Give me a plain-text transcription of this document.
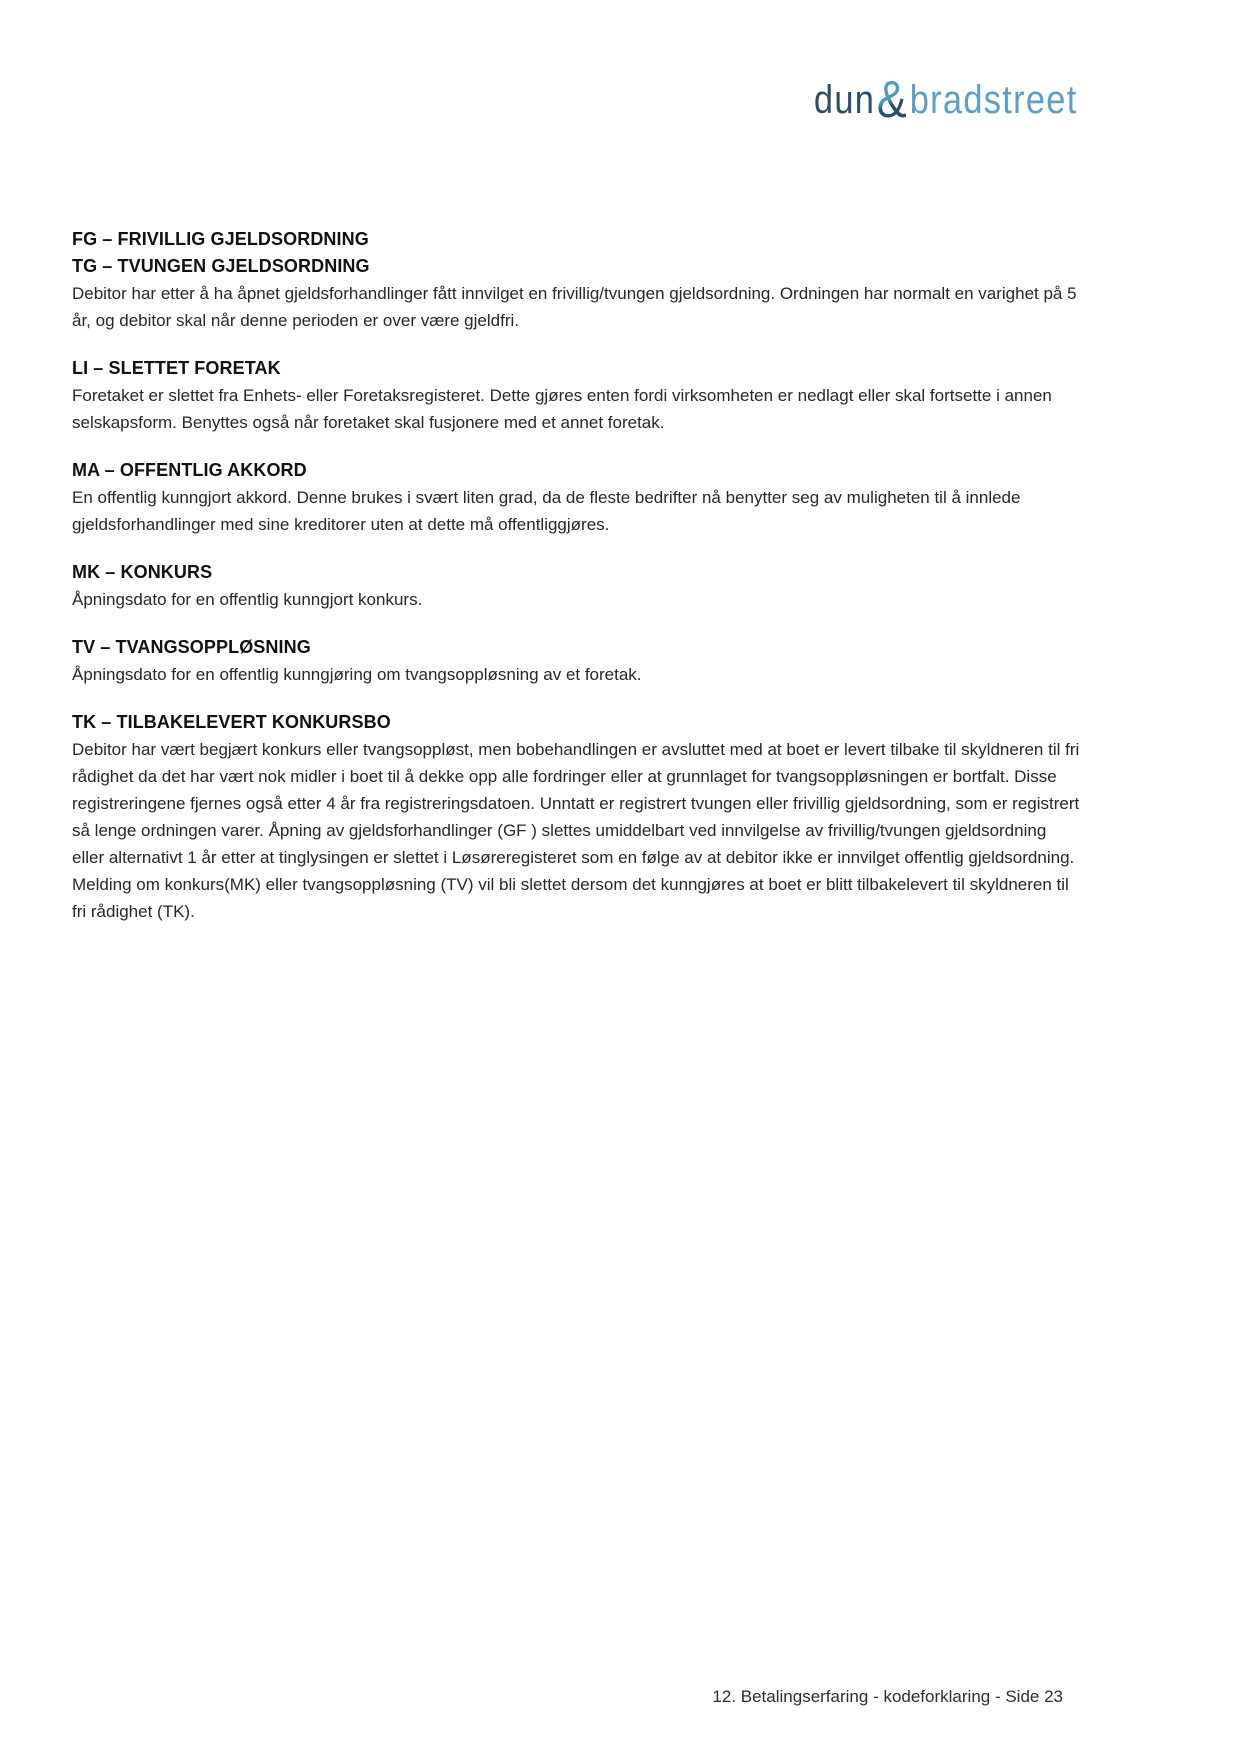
dun&bradstreet
FG – FRIVILLIG GJELDSORDNING
TG – TVUNGEN GJELDSORDNING

Debitor har etter å ha åpnet gjeldsforhandlinger fått innvilget en frivillig/tvungen gjeldsordning. Ordningen har normalt en varighet på 5 år, og debitor skal når denne perioden er over være gjeldfri.

LI – SLETTET FORETAK

Foretaket er slettet fra Enhets- eller Foretaksregisteret. Dette gjøres enten fordi virksomheten er nedlagt eller skal fortsette i annen selskapsform. Benyttes også når foretaket skal fusjonere med et annet foretak.

MA – OFFENTLIG AKKORD

En offentlig kunngjort akkord. Denne brukes i svært liten grad, da de fleste bedrifter nå benytter seg av muligheten til å innlede gjeldsforhandlinger med sine kreditorer uten at dette må offentliggjøres.

MK – KONKURS

Åpningsdato for en offentlig kunngjort konkurs.

TV – TVANGSOPPLØSNING

Åpningsdato for en offentlig kunngjøring om tvangsoppløsning av et foretak.

TK – TILBAKELEVERT KONKURSBO

Debitor har vært begjært konkurs eller tvangsoppløst, men bobehandlingen er avsluttet med at boet er levert tilbake til skyldneren til fri rådighet da det har vært nok midler i boet til å dekke opp alle fordringer eller at grunnlaget for tvangsoppløsningen er bortfalt. Disse registreringene fjernes også etter 4 år fra registreringsdatoen. Unntatt er registrert tvungen eller frivillig gjeldsordning, som er registrert så lenge ordningen varer. Åpning av gjeldsforhandlinger (GF ) slettes umiddelbart ved innvilgelse av frivillig/tvungen gjeldsordning eller alternativt 1 år etter at tinglysingen er slettet i Løsøreregisteret som en følge av at debitor ikke er innvilget offentlig gjeldsordning. Melding om konkurs(MK) eller tvangsoppløsning (TV) vil bli slettet dersom det kunngjøres at boet er blitt tilbakelevert til skyldneren til fri rådighet (TK).

12. Betalingserfaring - kodeforklaring - Side 23
